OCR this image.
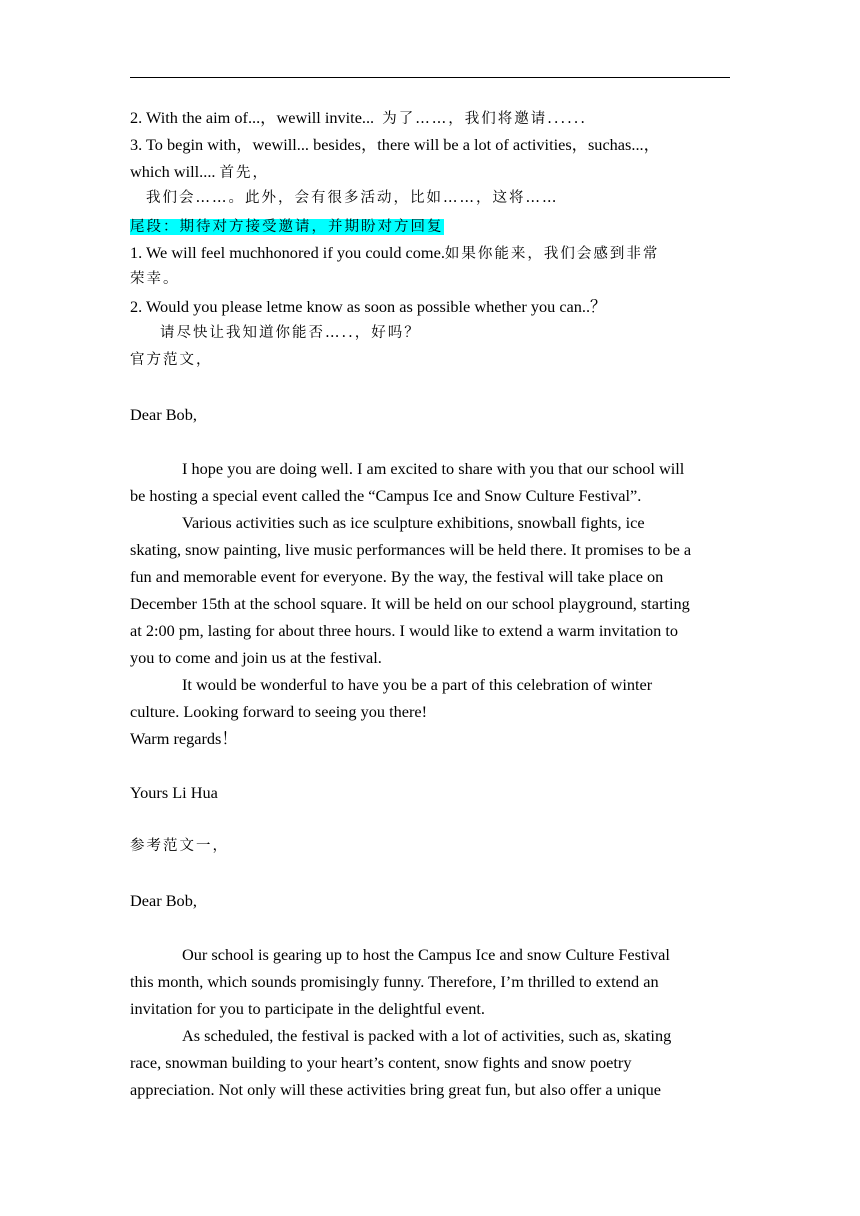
2. With the aim of...，wewill invite... 为了……，我们将邀请......
3. To begin with，wewill... besides，there will be a lot of activities，suchas...，
which will.... 首先，
我们会……。此外，会有很多活动，比如……，这将……
尾段：期待对方接受邀请，并期盼对方回复
1. We will feel muchhonored if you could come.如果你能来，我们会感到非常
荣幸。
2. Would you please letme know as soon as possible whether you can..？
请尽快让我知道你能否…..，好吗？
官方范文，
Dear Bob,
I hope you are doing well. I am excited to share with you that our school will
be hosting a special event called the “Campus Ice and Snow Culture Festival”.
Various activities such as ice sculpture exhibitions, snowball fights, ice
skating, snow painting, live music performances will be held there. It promises to be a
fun and memorable event for everyone. By the way, the festival will take place on
December 15th at the school square. It will be held on our school playground, starting
at 2:00 pm, lasting for about three hours. I would like to extend a warm invitation to
you to come and join us at the festival.
It would be wonderful to have you be a part of this celebration of winter
culture. Looking forward to seeing you there!
Warm regards！
Yours Li Hua
参考范文一，
Dear Bob,
Our school is gearing up to host the Campus Ice and snow Culture Festival
this month, which sounds promisingly funny. Therefore, I’m thrilled to extend an
invitation for you to participate in the delightful event.
As scheduled, the festival is packed with a lot of activities, such as, skating
race, snowman building to your heart’s content, snow fights and snow poetry
appreciation. Not only will these activities bring great fun, but also offer a unique
